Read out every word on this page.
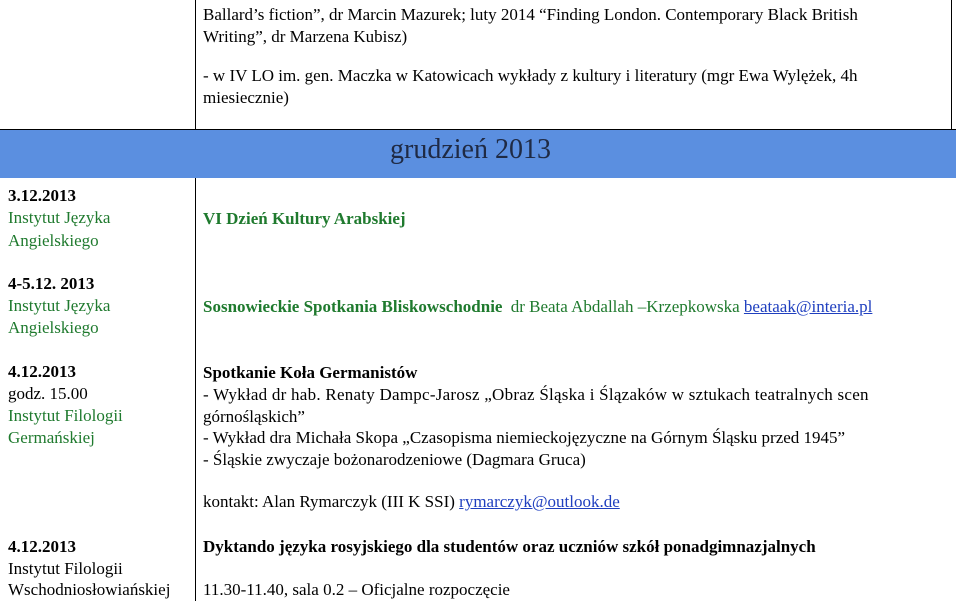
Ballard’s fiction”, dr Marcin Mazurek; luty 2014 “Finding London. Contemporary Black British
Writing”, dr Marzena Kubisz)
- w IV LO im. gen. Maczka w Katowicach wykłady z kultury i literatury (mgr Ewa Wylężek, 4h
miesiecznie)
grudzień 2013
3.12.2013
Instytut Języka
Angielskiego
VI Dzień Kultury Arabskiej
4-5.12. 2013
Instytut Języka
Angielskiego
Sosnowieckie Spotkania Bliskowschodnie dr Beata Abdallah –Krzepkowska beataak@interia.pl
4.12.2013
godz. 15.00
Instytut Filologii
Germańskiej
Spotkanie Koła Germanistów
- Wykład dr hab. Renaty Dampc-Jarosz „Obraz Śląska i Ślązaków w sztukach teatralnych scen
górnośląskich”
- Wykład dra Michała Skopa „Czasopisma niemieckojęzyczne na Górnym Śląsku przed 1945”
- Śląskie zwyczaje bożonarodzeniowe (Dagmara Gruca)
kontakt: Alan Rymarczyk (III K SSI) rymarczyk@outlook.de
4.12.2013
Instytut Filologii
Wschodniosłowiańskiej
Dyktando języka rosyjskiego dla studentów oraz uczniów szkół ponadgimnazjalnych
11.30-11.40, sala 0.2 – Oficjalne rozpoczęcie
